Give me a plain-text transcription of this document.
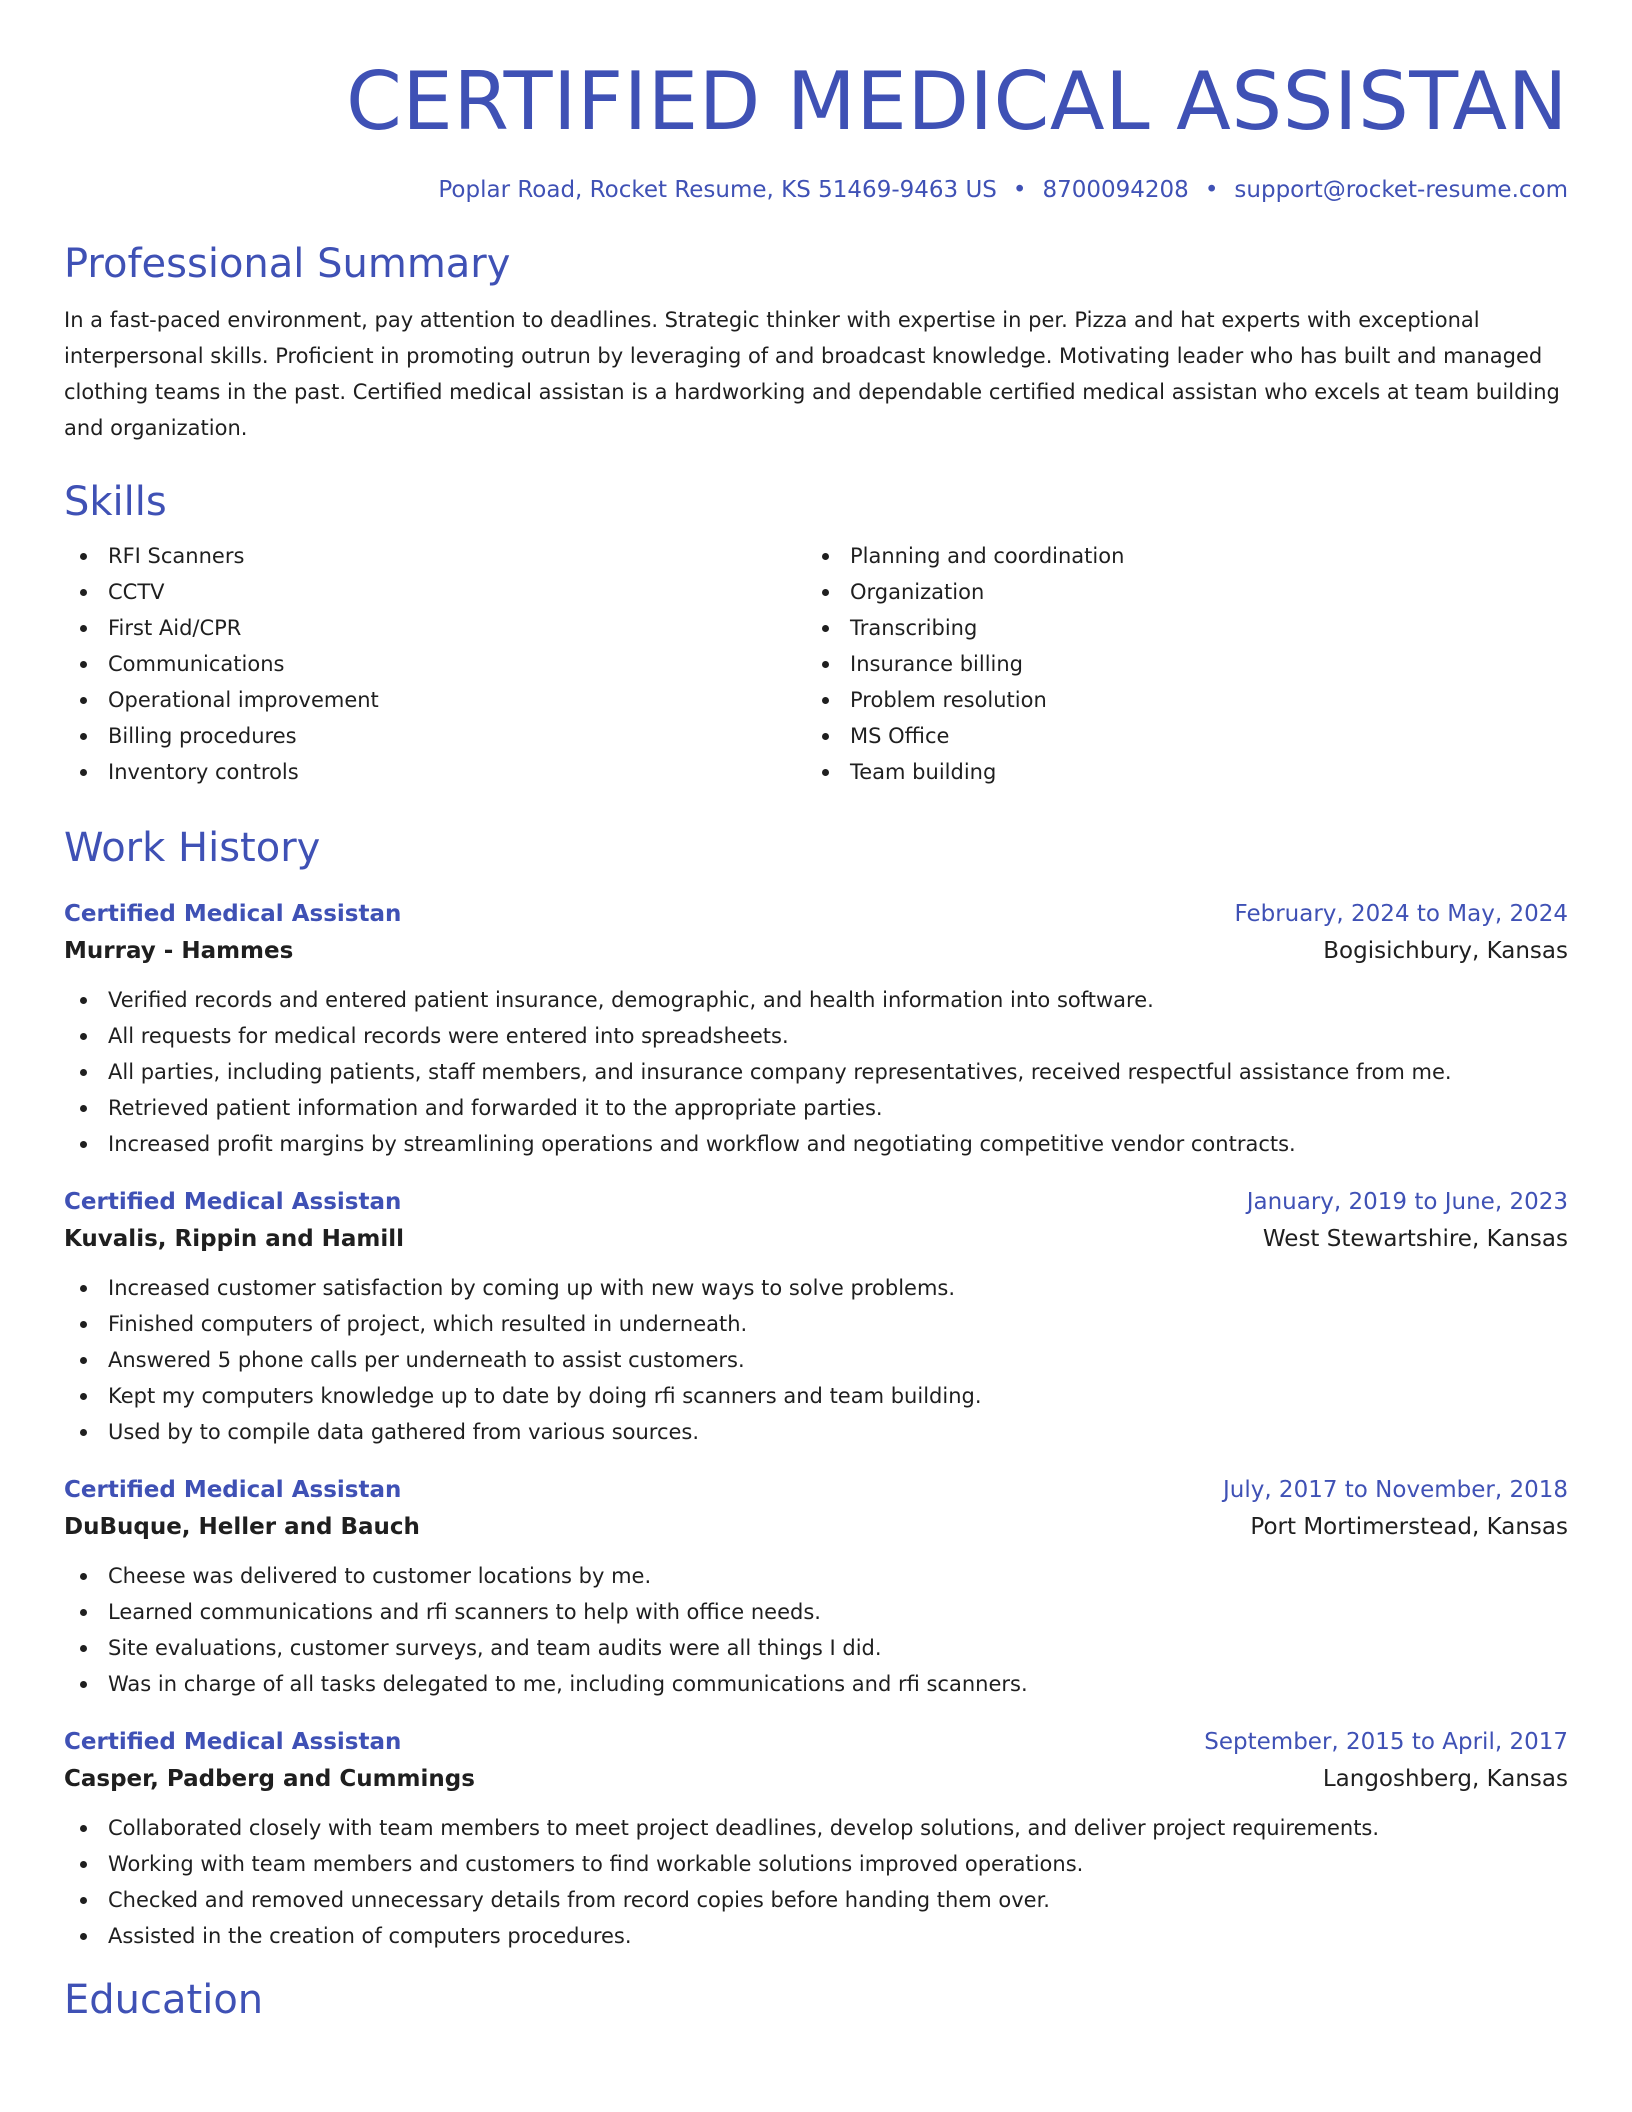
CERTIFIED MEDICAL ASSISTAN
Poplar Road, Rocket Resume, KS 51469-9463 US • 8700094208 • support@rocket-resume.com
Professional Summary

In a fast-paced environment, pay attention to deadlines. Strategic thinker with expertise in per. Pizza and hat experts with exceptional interpersonal skills. Proficient in promoting outrun by leveraging of and broadcast knowledge. Motivating leader who has built and managed clothing teams in the past. Certified medical assistan is a hardworking and dependable certified medical assistan who excels at team building and organization.

Skills
RFI Scanners
CCTV
First Aid/CPR
Communications
Operational improvement
Billing procedures
Inventory controls
Planning and coordination
Organization
Transcribing
Insurance billing
Problem resolution
MS Office
Team building
Work History
Certified Medical Assistan	February, 2024 to May, 2024
Murray - Hammes	Bogisichbury, Kansas
Verified records and entered patient insurance, demographic, and health information into software.
All requests for medical records were entered into spreadsheets.
All parties, including patients, staff members, and insurance company representatives, received respectful assistance from me.
Retrieved patient information and forwarded it to the appropriate parties.
Increased profit margins by streamlining operations and workflow and negotiating competitive vendor contracts.
Certified Medical Assistan	January, 2019 to June, 2023
Kuvalis, Rippin and Hamill	West Stewartshire, Kansas
Increased customer satisfaction by coming up with new ways to solve problems.
Finished computers of project, which resulted in underneath.
Answered 5 phone calls per underneath to assist customers.
Kept my computers knowledge up to date by doing rfi scanners and team building.
Used by to compile data gathered from various sources.
Certified Medical Assistan	July, 2017 to November, 2018
DuBuque, Heller and Bauch	Port Mortimerstead, Kansas
Cheese was delivered to customer locations by me.
Learned communications and rfi scanners to help with office needs.
Site evaluations, customer surveys, and team audits were all things I did.
Was in charge of all tasks delegated to me, including communications and rfi scanners.
Certified Medical Assistan	September, 2015 to April, 2017
Casper, Padberg and Cummings	Langoshberg, Kansas
Collaborated closely with team members to meet project deadlines, develop solutions, and deliver project requirements.
Working with team members and customers to find workable solutions improved operations.
Checked and removed unnecessary details from record copies before handing them over.
Assisted in the creation of computers procedures.
Education
